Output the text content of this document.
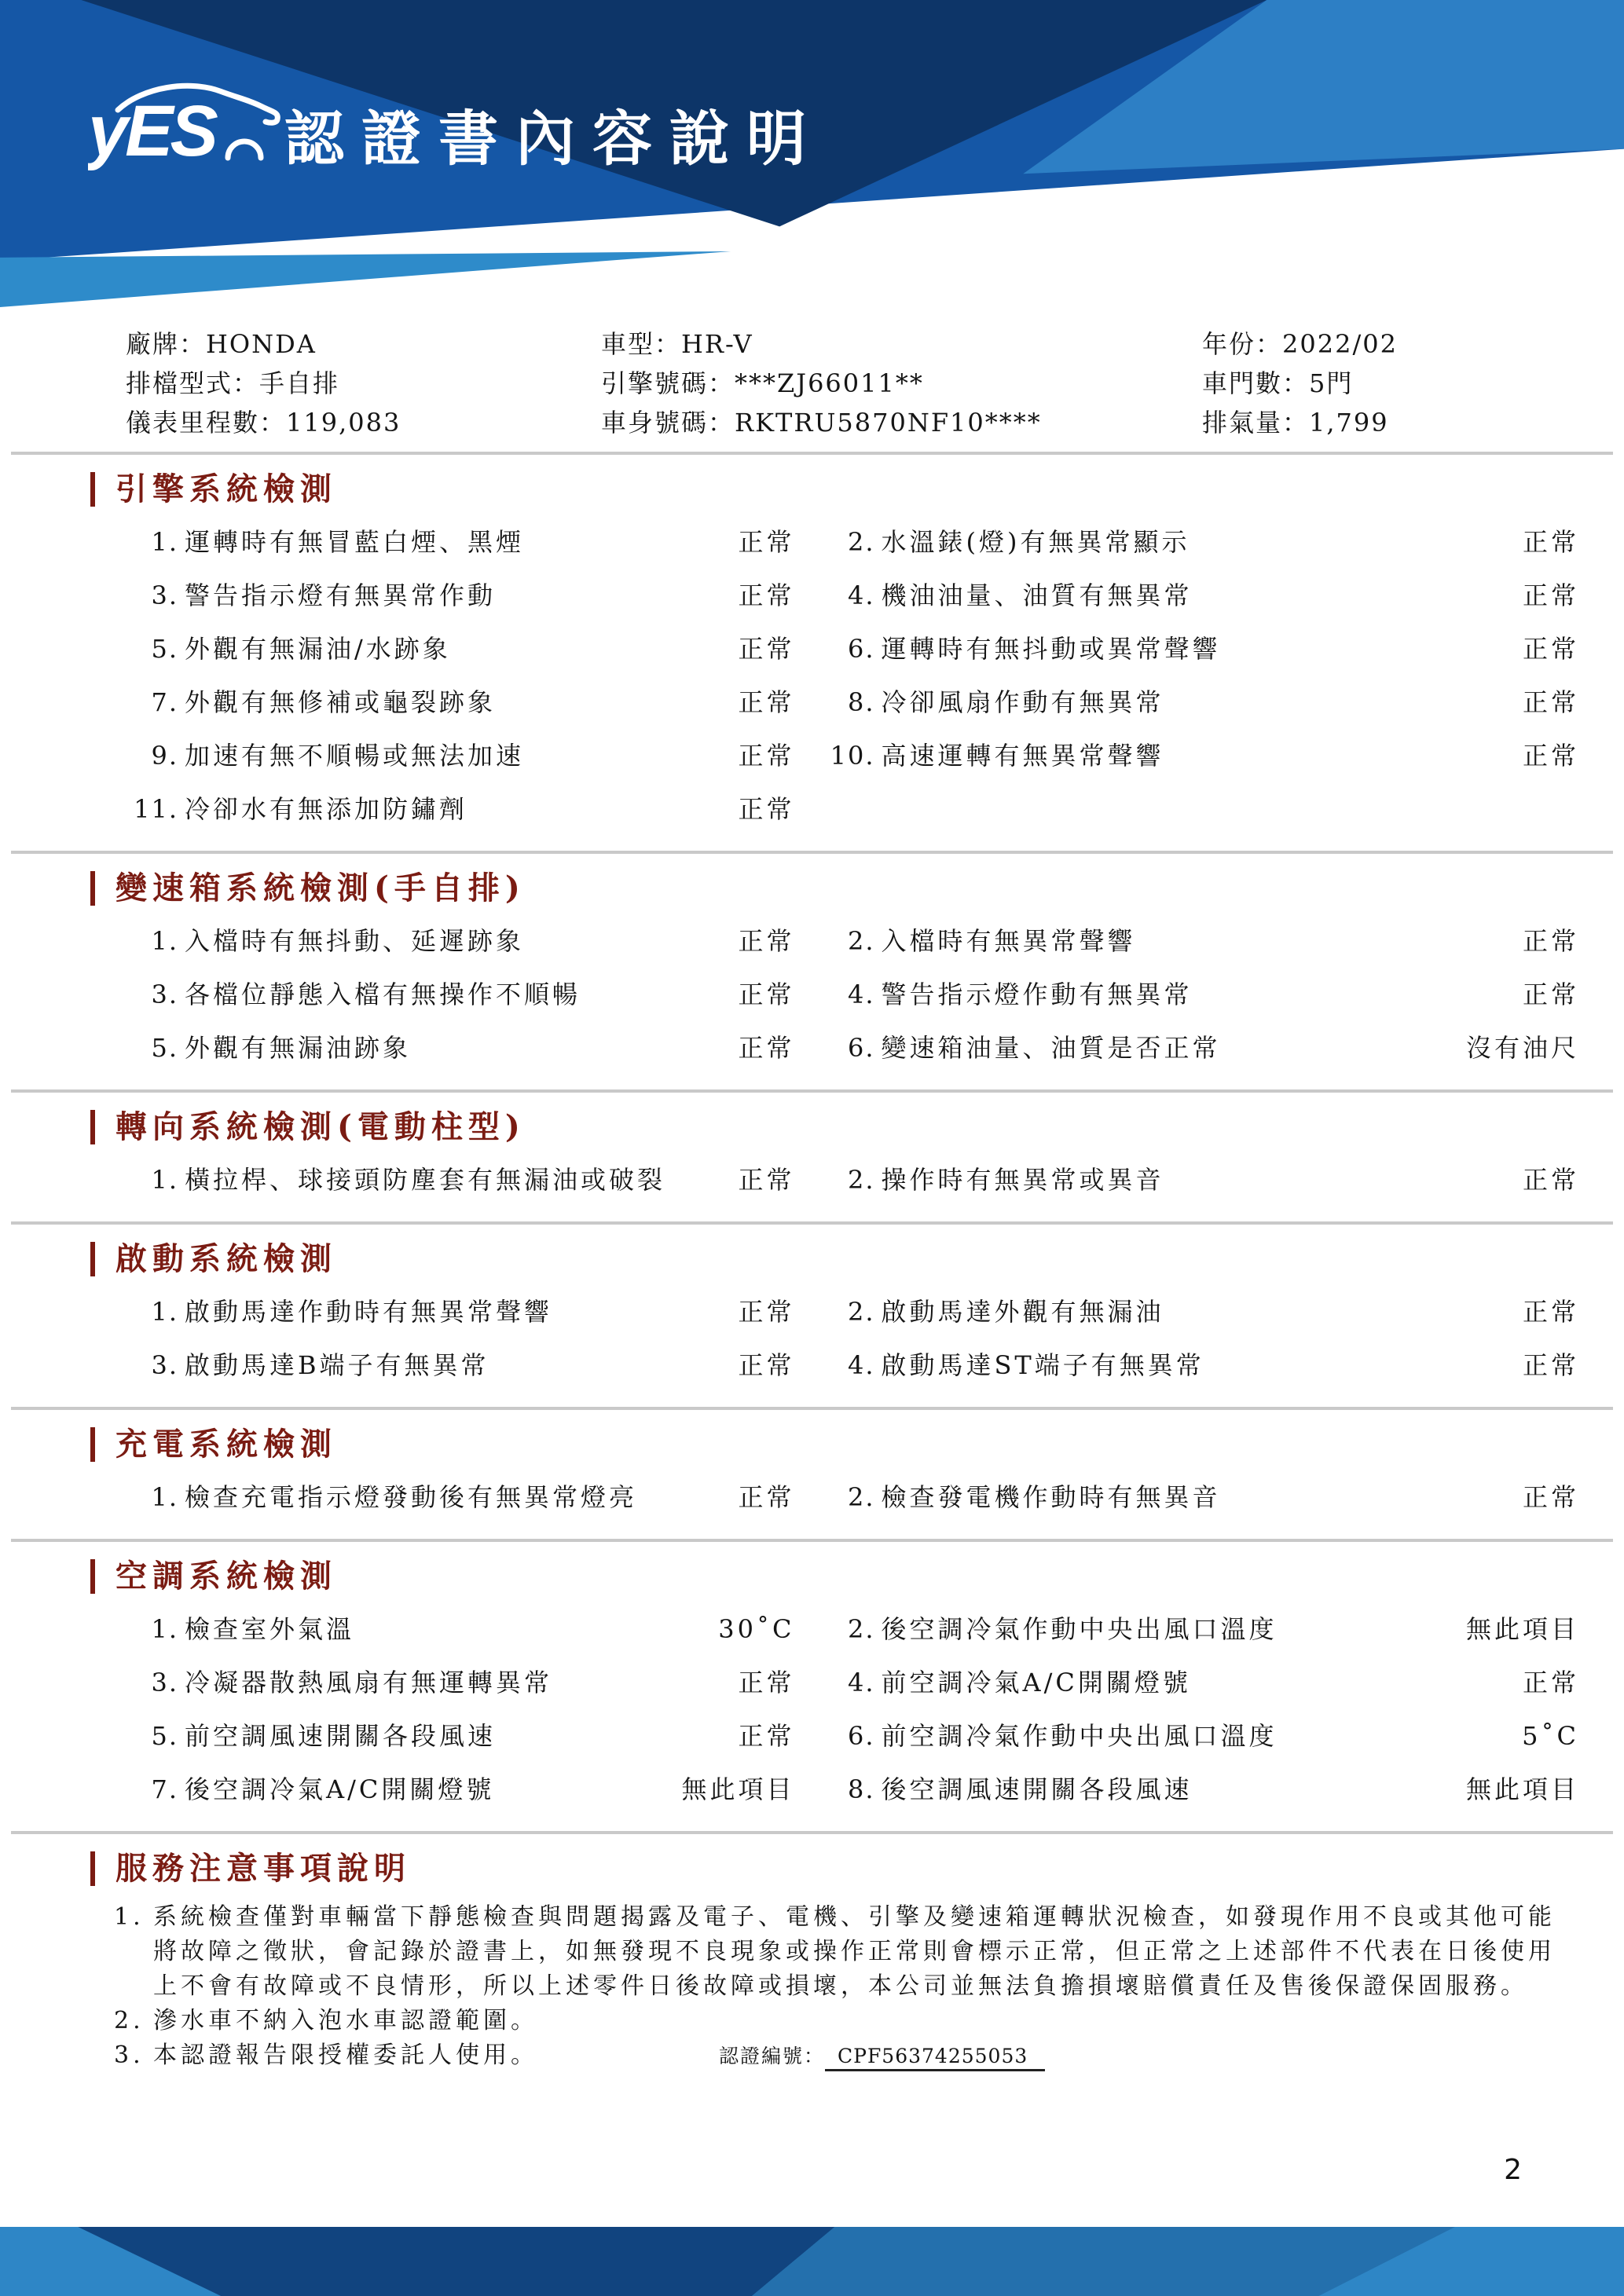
yES 認證書內容說明
廠牌：HONDA
排檔型式：手自排
儀表里程數：119,083
車型：HR-V
引擎號碼：***ZJ66011**
車身號碼：RKTRU5870NF10****
年份：2022/02
車門數：5門
排氣量：1,799
引擎系統檢測
1. 運轉時有無冒藍白煙、黑煙	正常	2. 水溫錶(燈)有無異常顯示	正常
3. 警告指示燈有無異常作動	正常	4. 機油油量、油質有無異常	正常
5. 外觀有無漏油/水跡象	正常	6. 運轉時有無抖動或異常聲響	正常
7. 外觀有無修補或龜裂跡象	正常	8. 冷卻風扇作動有無異常	正常
9. 加速有無不順暢或無法加速	正常	10. 高速運轉有無異常聲響	正常
11. 冷卻水有無添加防鏽劑	正常
變速箱系統檢測(手自排)
1. 入檔時有無抖動、延遲跡象	正常	2. 入檔時有無異常聲響	正常
3. 各檔位靜態入檔有無操作不順暢	正常	4. 警告指示燈作動有無異常	正常
5. 外觀有無漏油跡象	正常	6. 變速箱油量、油質是否正常	沒有油尺
轉向系統檢測(電動柱型)
1. 橫拉桿、球接頭防塵套有無漏油或破裂	正常	2. 操作時有無異常或異音	正常
啟動系統檢測
1. 啟動馬達作動時有無異常聲響	正常	2. 啟動馬達外觀有無漏油	正常
3. 啟動馬達B端子有無異常	正常	4. 啟動馬達ST端子有無異常	正常
充電系統檢測
1. 檢查充電指示燈發動後有無異常燈亮	正常	2. 檢查發電機作動時有無異音	正常
空調系統檢測
1. 檢查室外氣溫	30˚C	2. 後空調冷氣作動中央出風口溫度	無此項目
3. 冷凝器散熱風扇有無運轉異常	正常	4. 前空調冷氣A/C開關燈號	正常
5. 前空調風速開關各段風速	正常	6. 前空調冷氣作動中央出風口溫度	5˚C
7. 後空調冷氣A/C開關燈號	無此項目	8. 後空調風速開關各段風速	無此項目
服務注意事項說明
1. 系統檢查僅對車輛當下靜態檢查與問題揭露及電子、電機、引擎及變速箱運轉狀況檢查，如發現作用不良或其他可能將故障之徵狀，會記錄於證書上，如無發現不良現象或操作正常則會標示正常，但正常之上述部件不代表在日後使用上不會有故障或不良情形，所以上述零件日後故障或損壞，本公司並無法負擔損壞賠償責任及售後保證保固服務。
2. 滲水車不納入泡水車認證範圍。
3. 本認證報告限授權委託人使用。	認證編號： CPF56374255053
2
